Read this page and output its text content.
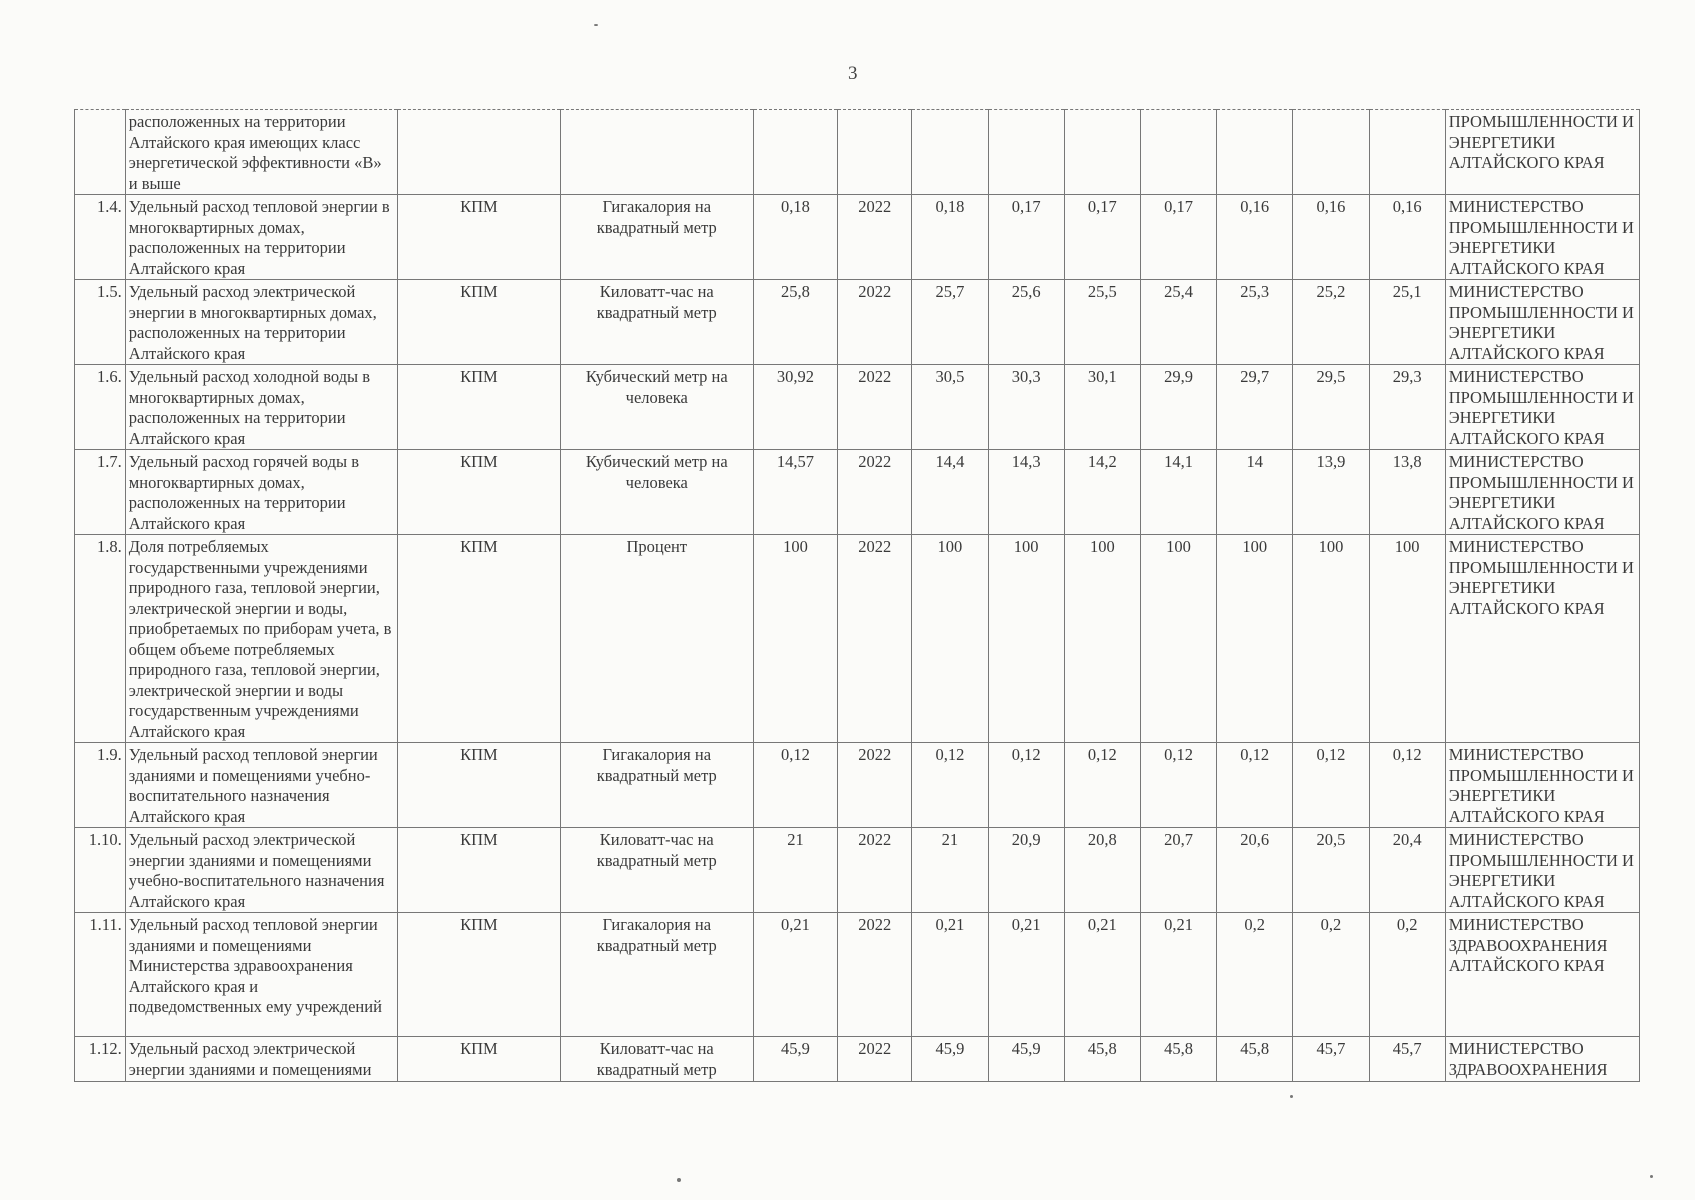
3
	расположенных на территории Алтайского края имеющих класс энергетической эффективности «В» и выше												ПРОМЫШЛЕННОСТИ И ЭНЕРГЕТИКИ АЛТАЙСКОГО КРАЯ
1.4.	Удельный расход тепловой энергии в многоквартирных домах, расположенных на территории Алтайского края	КПМ	Гигакалория на квадратный метр	0,18	2022	0,18	0,17	0,17	0,17	0,16	0,16	0,16	МИНИСТЕРСТВО ПРОМЫШЛЕННОСТИ И ЭНЕРГЕТИКИ АЛТАЙСКОГО КРАЯ
1.5.	Удельный расход электрической энергии в многоквартирных домах, расположенных на территории Алтайского края	КПМ	Киловатт-час на квадратный метр	25,8	2022	25,7	25,6	25,5	25,4	25,3	25,2	25,1	МИНИСТЕРСТВО ПРОМЫШЛЕННОСТИ И ЭНЕРГЕТИКИ АЛТАЙСКОГО КРАЯ
1.6.	Удельный расход холодной воды в многоквартирных домах, расположенных на территории Алтайского края	КПМ	Кубический метр на человека	30,92	2022	30,5	30,3	30,1	29,9	29,7	29,5	29,3	МИНИСТЕРСТВО ПРОМЫШЛЕННОСТИ И ЭНЕРГЕТИКИ АЛТАЙСКОГО КРАЯ
1.7.	Удельный расход горячей воды в многоквартирных домах, расположенных на территории Алтайского края	КПМ	Кубический метр на человека	14,57	2022	14,4	14,3	14,2	14,1	14	13,9	13,8	МИНИСТЕРСТВО ПРОМЫШЛЕННОСТИ И ЭНЕРГЕТИКИ АЛТАЙСКОГО КРАЯ
1.8.	Доля потребляемых государственными учреждениями природного газа, тепловой энергии, электрической энергии и воды, приобретаемых по приборам учета, в общем объеме потребляемых природного газа, тепловой энергии, электрической энергии и воды государственным учреждениями Алтайского края	КПМ	Процент	100	2022	100	100	100	100	100	100	100	МИНИСТЕРСТВО ПРОМЫШЛЕННОСТИ И ЭНЕРГЕТИКИ АЛТАЙСКОГО КРАЯ
1.9.	Удельный расход тепловой энергии зданиями и помещениями учебно-воспитательного назначения Алтайского края	КПМ	Гигакалория на квадратный метр	0,12	2022	0,12	0,12	0,12	0,12	0,12	0,12	0,12	МИНИСТЕРСТВО ПРОМЫШЛЕННОСТИ И ЭНЕРГЕТИКИ АЛТАЙСКОГО КРАЯ
1.10.	Удельный расход электрической энергии зданиями и помещениями учебно-воспитательного назначения Алтайского края	КПМ	Киловатт-час на квадратный метр	21	2022	21	20,9	20,8	20,7	20,6	20,5	20,4	МИНИСТЕРСТВО ПРОМЫШЛЕННОСТИ И ЭНЕРГЕТИКИ АЛТАЙСКОГО КРАЯ
1.11.	Удельный расход тепловой энергии зданиями и помещениями Министерства здравоохранения Алтайского края и подведомственных ему учреждений	КПМ	Гигакалория на квадратный метр	0,21	2022	0,21	0,21	0,21	0,21	0,2	0,2	0,2	МИНИСТЕРСТВО ЗДРАВООХРАНЕНИЯ АЛТАЙСКОГО КРАЯ
1.12.	Удельный расход электрической энергии зданиями и помещениями	КПМ	Киловатт-час на квадратный метр	45,9	2022	45,9	45,9	45,8	45,8	45,8	45,7	45,7	МИНИСТЕРСТВО ЗДРАВООХРАНЕНИЯ
